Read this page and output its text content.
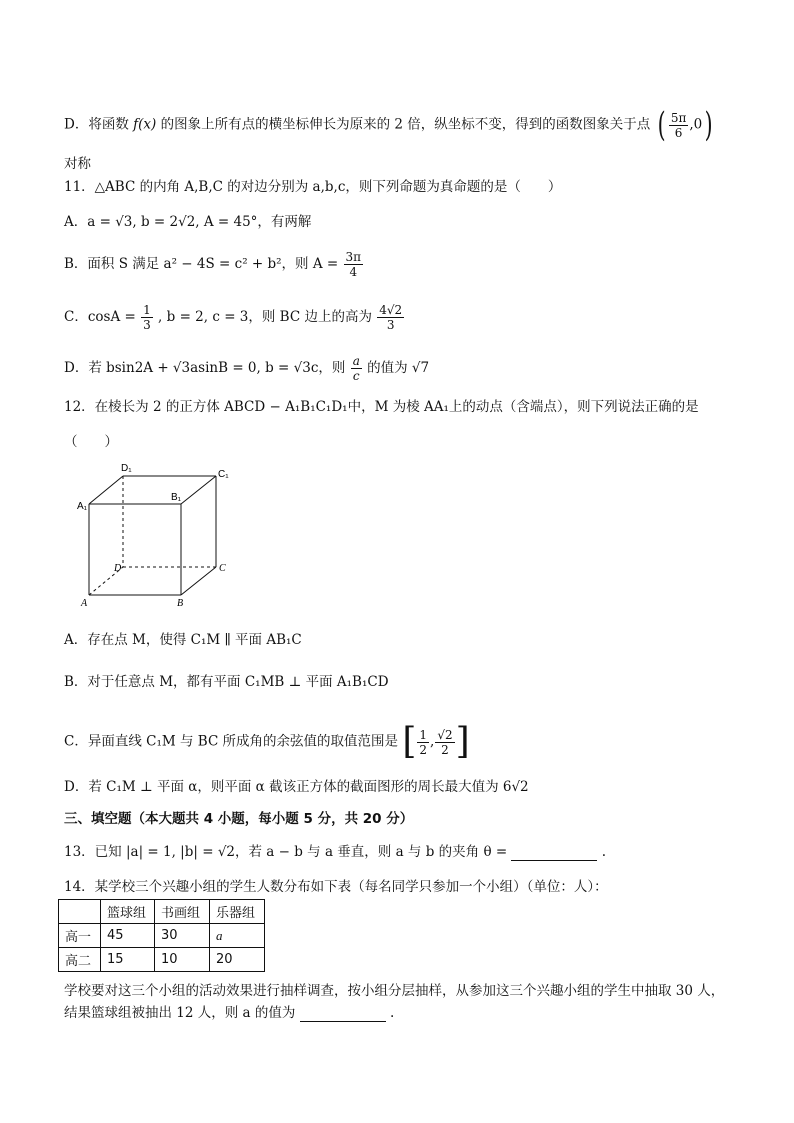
D．将函数 f(x) 的图象上所有点的横坐标伸长为原来的 2 倍，纵坐标不变，得到的函数图象关于点 ( $\frac{5\pi}{6} ,0$)
对称
11．△ABC 的内角 A,B,C 的对边分别为 a,b,c，则下列命题为真命题的是（　　）
A．a = √3, b = 2√2, A = 45°，有两解
B．面积 S 满足 a² − 4S = c² + b²，则 $A = \frac{3\pi}{4}$
C．$\cos A = \frac{1}{3}$ , b = 2, c = 3，则 BC 边上的高为 $\frac{4√2}{3}$
D．若 bsin2A + √3asinB = 0, b = √3c，则 $\frac{a}{c}$ 的值为 √7
12．在棱长为 2 的正方体 ABCD − A₁B₁C₁D₁中，M 为棱 AA₁上的动点（含端点），则下列说法正确的是
（　　）
D₁
C₁
A₁
B₁
D	C
A	B
A．存在点 M，使得 C₁M ∥ 平面 AB₁C
B．对于任意点 M，都有平面 C₁MB ⊥ 平面 A₁B₁CD
C．异面直线 C₁M 与 BC 所成角的余弦值的取值范围是 [ $\frac{1}{2}$ , $\frac{√2}{2}$ ]
D．若 C₁M ⊥ 平面 α，则平面 α 截该正方体的截面图形的周长最大值为 6√2
三、填空题（本大题共 4 小题，每小题 5 分，共 20 分）
13．已知 |a| = 1, |b| = √2，若 a − b 与 a 垂直，则 a 与 b 的夹角 θ =	.
14．某学校三个兴趣小组的学生人数分布如下表（每名同学只参加一个小组）（单位：人）：
	篮球组	书画组	乐器组
高一	45	30	a
高二	15	10	20
学校要对这三个小组的活动效果进行抽样调查，按小组分层抽样，从参加这三个兴趣小组的学生中抽取 30 人，
结果篮球组被抽出 12 人，则 a 的值为	.
